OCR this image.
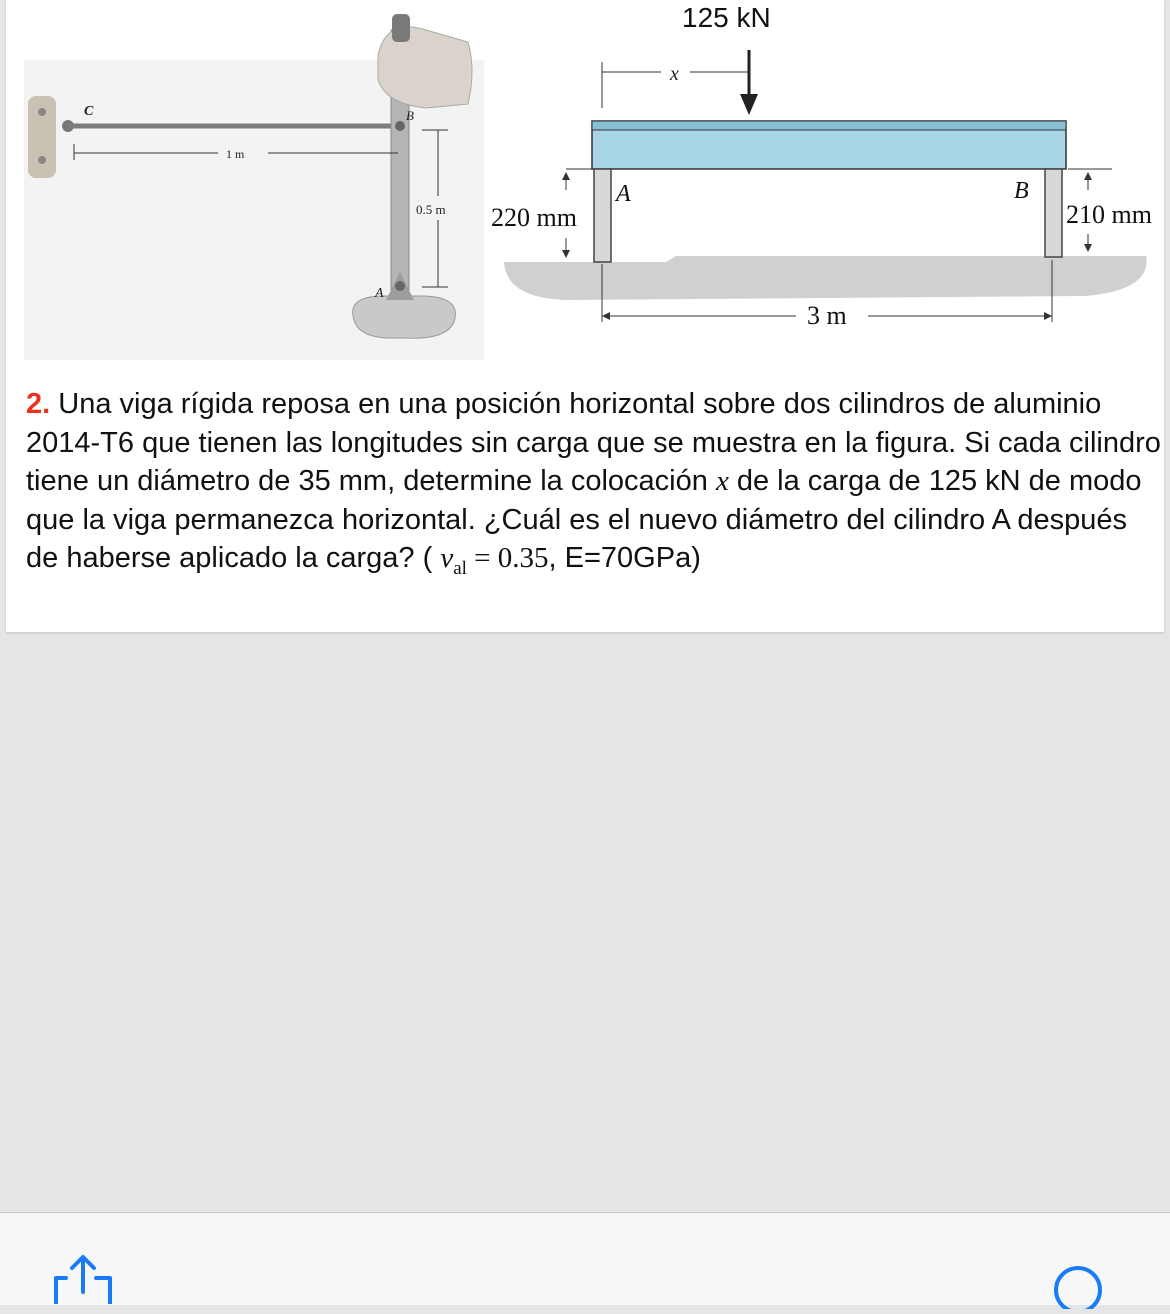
1 m
0.5 m
C	B
A
125 kN
x
A	B
220 mm	210 mm
3 m
2. Una viga rígida reposa en una posición horizontal sobre dos cilindros de aluminio 2014-T6 que tienen las longitudes sin carga que se muestra en la figura. Si cada cilindro tiene un diámetro de 35 mm, determine la colocación x de la carga de 125 kN de modo que la viga permanezca horizontal. ¿Cuál es el nuevo diámetro del cilindro A después de haberse aplicado la carga? ( $\nu_{al} = 0.35$, E=70GPa)
